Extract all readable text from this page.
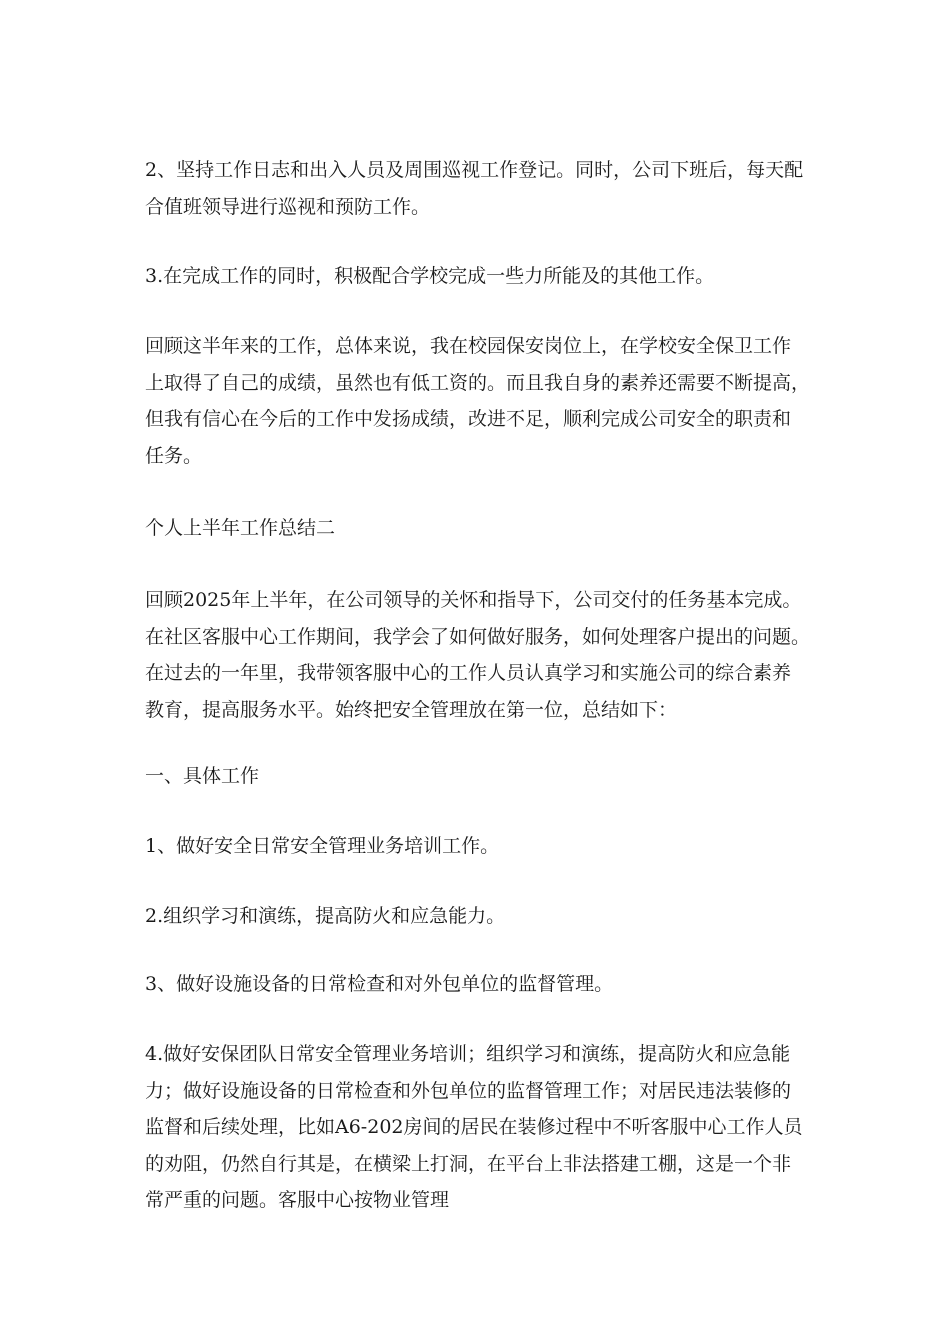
2、坚持工作日志和出入人员及周围巡视工作登记。同时，公司下班后，每天配
合值班领导进行巡视和预防工作。

3.在完成工作的同时，积极配合学校完成一些力所能及的其他工作。

回顾这半年来的工作，总体来说，我在校园保安岗位上，在学校安全保卫工作
上取得了自己的成绩，虽然也有低工资的。而且我自身的素养还需要不断提高，
但我有信心在今后的工作中发扬成绩，改进不足，顺利完成公司安全的职责和
任务。

个人上半年工作总结二

回顾2025年上半年，在公司领导的关怀和指导下，公司交付的任务基本完成。
在社区客服中心工作期间，我学会了如何做好服务，如何处理客户提出的问题。
在过去的一年里，我带领客服中心的工作人员认真学习和实施公司的综合素养
教育，提高服务水平。始终把安全管理放在第一位，总结如下：

一、具体工作

1、做好安全日常安全管理业务培训工作。

2.组织学习和演练，提高防火和应急能力。

3、做好设施设备的日常检查和对外包单位的监督管理。

4.做好安保团队日常安全管理业务培训；组织学习和演练，提高防火和应急能
力；做好设施设备的日常检查和外包单位的监督管理工作；对居民违法装修的
监督和后续处理，比如A6-202房间的居民在装修过程中不听客服中心工作人员
的劝阻，仍然自行其是，在横梁上打洞，在平台上非法搭建工棚，这是一个非
常严重的问题。客服中心按物业管理
